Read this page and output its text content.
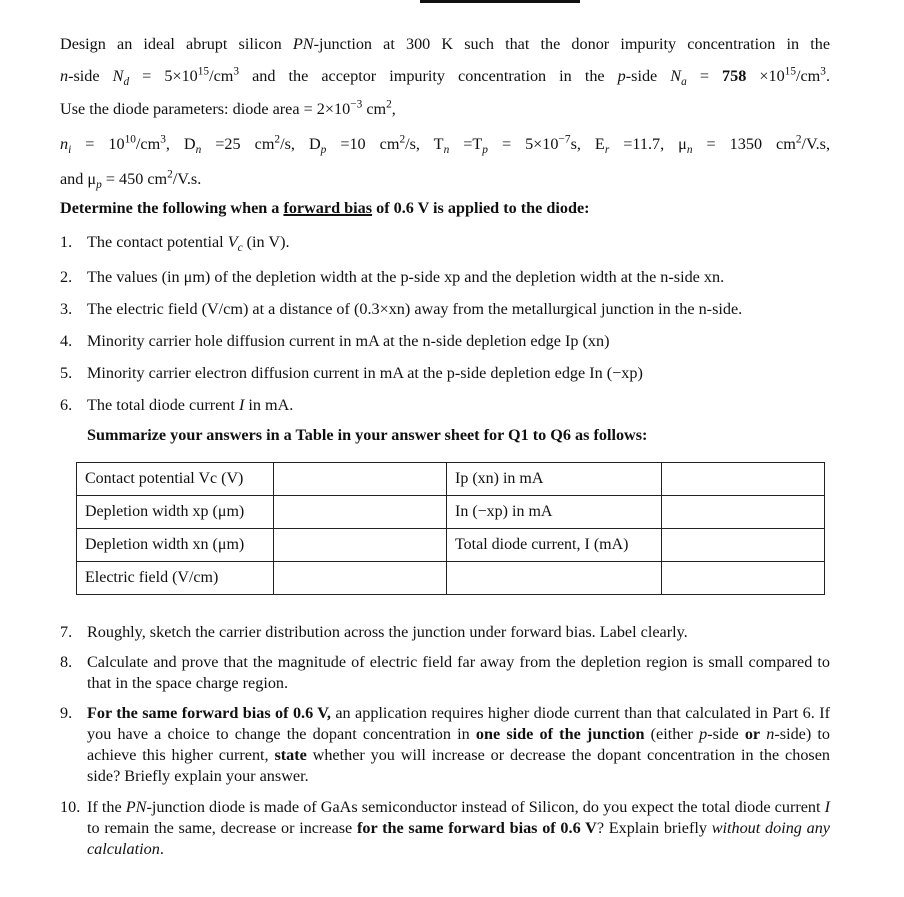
Design an ideal abrupt silicon PN-junction at 300 K such that the donor impurity concentration in the
n-side $N_d = 5\times 10^{15}/cm^3$ and the acceptor impurity concentration in the p-side $N_a = 758 \times 10^{15}/cm^3$.
Use the diode parameters: diode area = $2\times 10^{-3}$ $cm^2$,
$n_i = 10^{10}/cm^3$, $D_n =25$ $cm^2/s$, $D_p =10$ $cm^2/s$, $T_n =T_p = 5\times 10^{-7}s$, $E_r =11.7$, $\mu_n = 1350$ $cm^2/V.s$,
and $\mu_p = 450$ $cm^2/V.s$.
Determine the following when a forward bias of 0.6 V is applied to the diode:
1. The contact potential $V_c$ (in V).
2. The values (in μm) of the depletion width at the p-side xp and the depletion width at the n-side xn.
3. The electric field (V/cm) at a distance of (0.3×xn) away from the metallurgical junction in the n-side.
4. Minority carrier hole diffusion current in mA at the n-side depletion edge Ip (xn)
5. Minority carrier electron diffusion current in mA at the p-side depletion edge In (−xp)
6. The total diode current I in mA.
Summarize your answers in a Table in your answer sheet for Q1 to Q6 as follows:
Contact potential Vc (V)		Ip (xn) in mA	
Depletion width xp (μm)		In (−xp) in mA	
Depletion width xn (μm)		Total diode current, I (mA)	
Electric field (V/cm)			
7. Roughly, sketch the carrier distribution across the junction under forward bias. Label clearly.
8. Calculate and prove that the magnitude of electric field far away from the depletion region is small compared to that in the space charge region.
9. For the same forward bias of 0.6 V, an application requires higher diode current than that calculated in Part 6. If you have a choice to change the dopant concentration in one side of the junction (either p-side or n-side) to achieve this higher current, state whether you will increase or decrease the dopant concentration in the chosen side? Briefly explain your answer.
10. If the PN-junction diode is made of GaAs semiconductor instead of Silicon, do you expect the total diode current I to remain the same, decrease or increase for the same forward bias of 0.6 V? Explain briefly without doing any calculation.
